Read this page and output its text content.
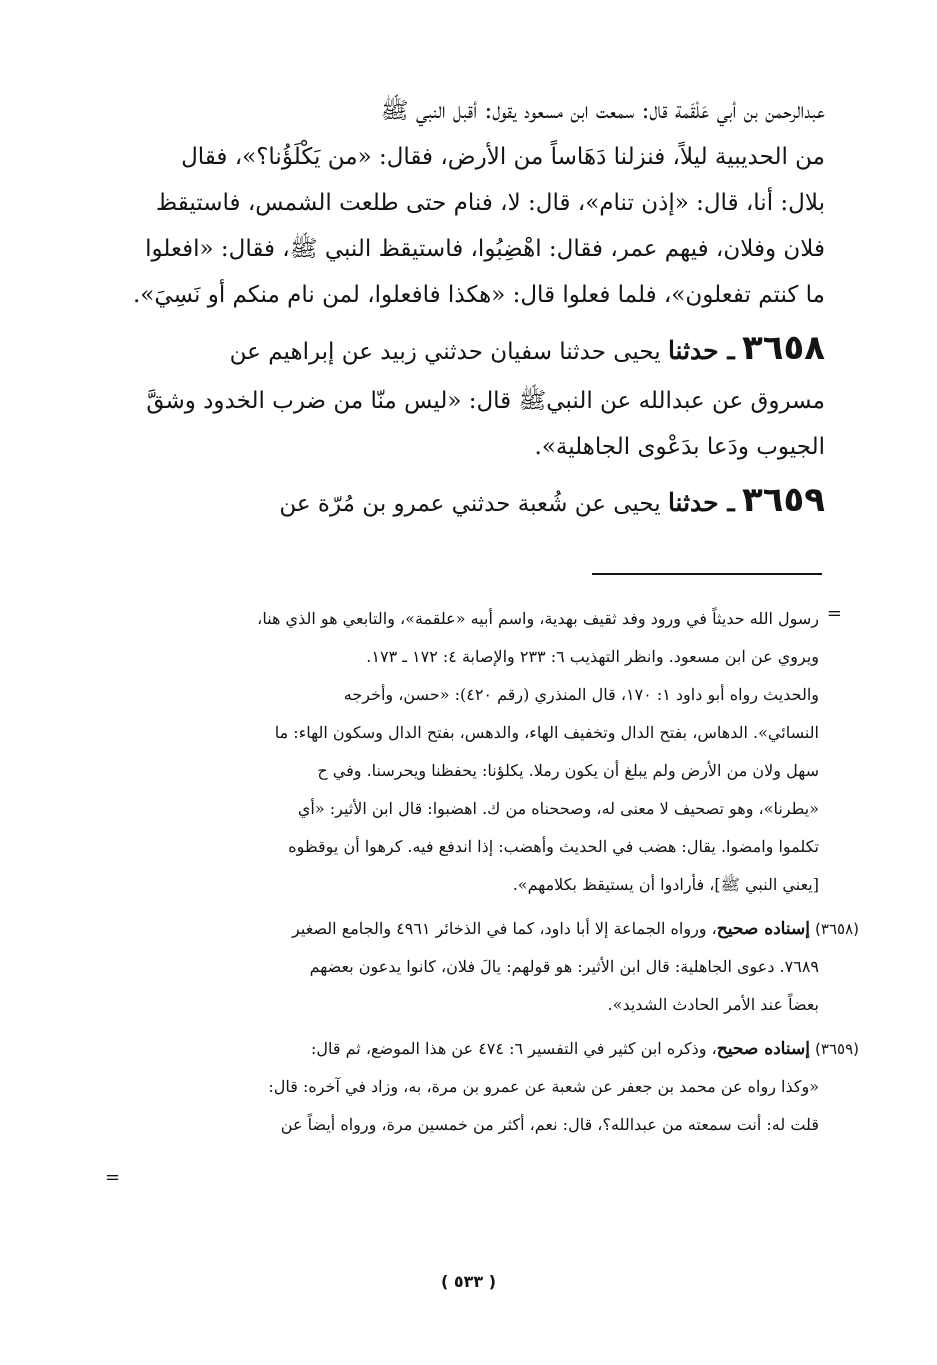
عبدالرحمن بن أبي عَلْقَمة قال: سمعت ابن مسعود يقول: أقبل النبي ﷺ
من الحديبية ليلاً، فنزلنا دَهَاساً من الأرض، فقال: «من يَكْلَؤُنا؟»، فقال
بلال: أنا، قال: «إذن تنام»، قال: لا، فنام حتى طلعت الشمس، فاستيقظ
فلان وفلان، فيهم عمر، فقال: اهْضِبُوا، فاستيقظ النبي ﷺ، فقال: «افعلوا
ما كنتم تفعلون»، فلما فعلوا قال: «هكذا فافعلوا، لمن نام منكم أو نَسِيَ».
٣٦٥٨ ـ حدثنا يحيى حدثنا سفيان حدثني زبيد عن إبراهيم عن
مسروق عن عبدالله عن النبيﷺ قال: «ليس منّا من ضرب الخدود وشقَّ
الجيوب ودَعا بدَعْوى الجاهلية».
٣٦٥٩ ـ حدثنا يحيى عن شُعبة حدثني عمرو بن مُرّة عن
=
رسول الله حديثاً في ورود وفد ثقيف بهدية، واسم أبيه «علقمة»، والتابعي هو الذي هنا،
ويروي عن ابن مسعود. وانظر التهذيب ٦: ٢٣٣ والإصابة ٤: ١٧٢ ـ ١٧٣.
والحديث رواه أبو داود ١: ١٧٠، قال المنذري (رقم ٤٢٠): «حسن، وأخرجه
النسائي». الدهاس، بفتح الدال وتخفيف الهاء، والدهس، بفتح الدال وسكون الهاء: ما
سهل ولان من الأرض ولم يبلغ أن يكون رملا. يكلؤنا: يحفظنا ويحرسنا. وفي ح
«يطرنا»، وهو تصحيف لا معنى له، وصححناه من ك. اهضبوا: قال ابن الأثير: «أي
تكلموا وامضوا. يقال: هضب في الحديث وأهضب: إذا اندفع فيه. كرهوا أن يوقظوه
[يعني النبي ﷺ]، فأرادوا أن يستيقظ بكلامهم».
(٣٦٥٨) إسناده صحيح، ورواه الجماعة إلا أبا داود، كما في الذخائر ٤٩٦١ والجامع الصغير
٧٦٨٩. دعوى الجاهلية: قال ابن الأثير: هو قولهم: يالَ فلان، كانوا يدعون بعضهم
بعضاً عند الأمر الحادث الشديد».
(٣٦٥٩) إسناده صحيح، وذكره ابن كثير في التفسير ٦: ٤٧٤ عن هذا الموضع، ثم قال:
«وكذا رواه عن محمد بن جعفر عن شعبة عن عمرو بن مرة، به، وزاد في آخره: قال:
قلت له: أنت سمعته من عبدالله؟، قال: نعم، أكثر من خمسين مرة، ورواه أيضاً عن
=
( ٥٣٣ )
